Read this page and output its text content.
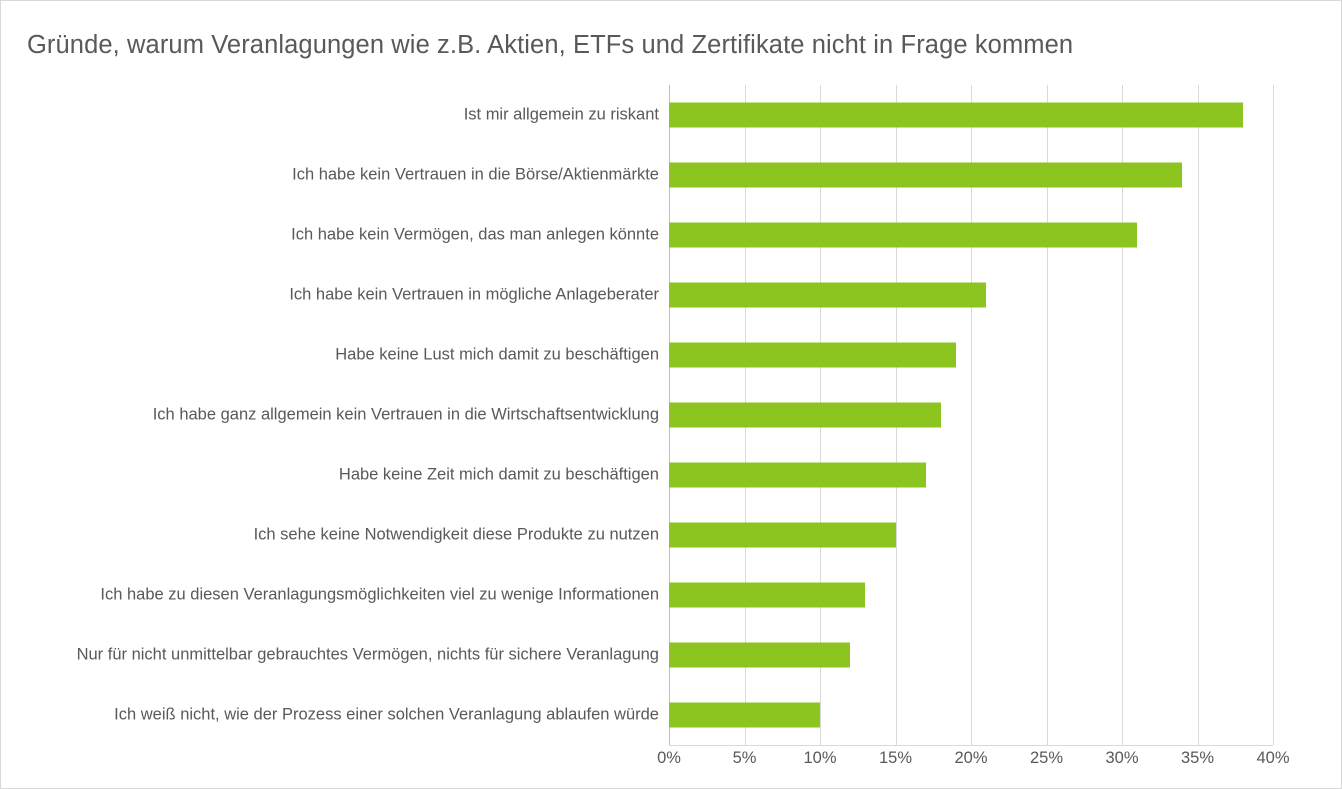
Gründe, warum Veranlagungen wie z.B. Aktien, ETFs und Zertifikate nicht in Frage kommen
Ist mir allgemein zu riskant
Ich habe kein Vertrauen in die Börse/Aktienmärkte
Ich habe kein Vermögen, das man anlegen könnte
Ich habe kein Vertrauen in mögliche Anlageberater
Habe keine Lust mich damit zu beschäftigen
Ich habe ganz allgemein kein Vertrauen in die Wirtschaftsentwicklung
Habe keine Zeit mich damit zu beschäftigen
Ich sehe keine Notwendigkeit diese Produkte zu nutzen
Ich habe zu diesen Veranlagungsmöglichkeiten viel zu wenige Informationen
Nur für nicht unmittelbar gebrauchtes Vermögen, nichts für sichere Veranlagung
Ich weiß nicht, wie der Prozess einer solchen Veranlagung ablaufen würde
0%	5%	10%	15%	20%	25%	30%	35%	40%
